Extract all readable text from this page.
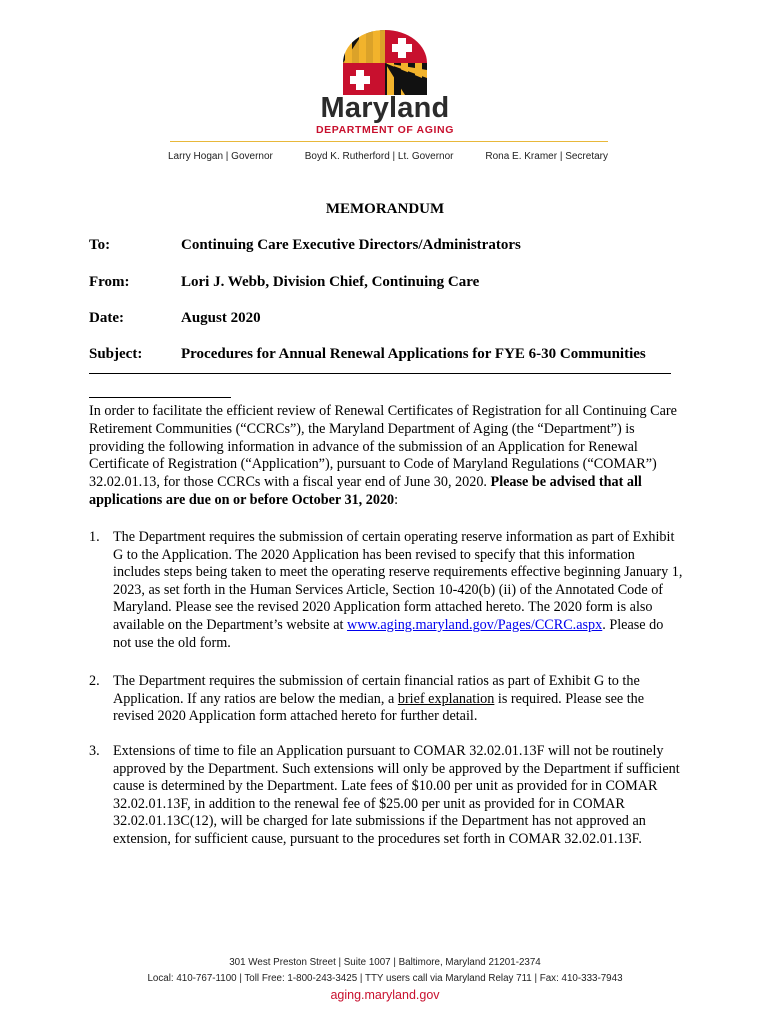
Maryland
DEPARTMENT OF AGING
Larry Hogan | Governor	Boyd K. Rutherford | Lt. Governor	Rona E. Kramer | Secretary
MEMORANDUM
To:	Continuing Care Executive Directors/Administrators
From:	Lori J. Webb, Division Chief, Continuing Care
Date:	August 2020
Subject:	Procedures for Annual Renewal Applications for FYE 6-30 Communities
In order to facilitate the efficient review of Renewal Certificates of Registration for all Continuing Care Retirement Communities (“CCRCs”), the Maryland Department of Aging (the “Department”) is providing the following information in advance of the submission of an Application for Renewal Certificate of Registration (“Application”), pursuant to Code of Maryland Regulations (“COMAR”) 32.02.01.13, for those CCRCs with a fiscal year end of June 30, 2020. Please be advised that all applications are due on or before October 31, 2020:
1. The Department requires the submission of certain operating reserve information as part of Exhibit G to the Application. The 2020 Application has been revised to specify that this information includes steps being taken to meet the operating reserve requirements effective beginning January 1, 2023, as set forth in the Human Services Article, Section 10-420(b) (ii) of the Annotated Code of Maryland. Please see the revised 2020 Application form attached hereto. The 2020 form is also available on the Department’s website at www.aging.maryland.gov/Pages/CCRC.aspx. Please do not use the old form.
2. The Department requires the submission of certain financial ratios as part of Exhibit G to the Application. If any ratios are below the median, a brief explanation is required. Please see the revised 2020 Application form attached hereto for further detail.
3. Extensions of time to file an Application pursuant to COMAR 32.02.01.13F will not be routinely approved by the Department. Such extensions will only be approved by the Department if sufficient cause is determined by the Department. Late fees of $10.00 per unit as provided for in COMAR 32.02.01.13F, in addition to the renewal fee of $25.00 per unit as provided for in COMAR 32.02.01.13C(12), will be charged for late submissions if the Department has not approved an extension, for sufficient cause, pursuant to the procedures set forth in COMAR 32.02.01.13F.
301 West Preston Street | Suite 1007 | Baltimore, Maryland 21201-2374
Local: 410-767-1100 | Toll Free: 1-800-243-3425 | TTY users call via Maryland Relay 711 | Fax: 410-333-7943
aging.maryland.gov
